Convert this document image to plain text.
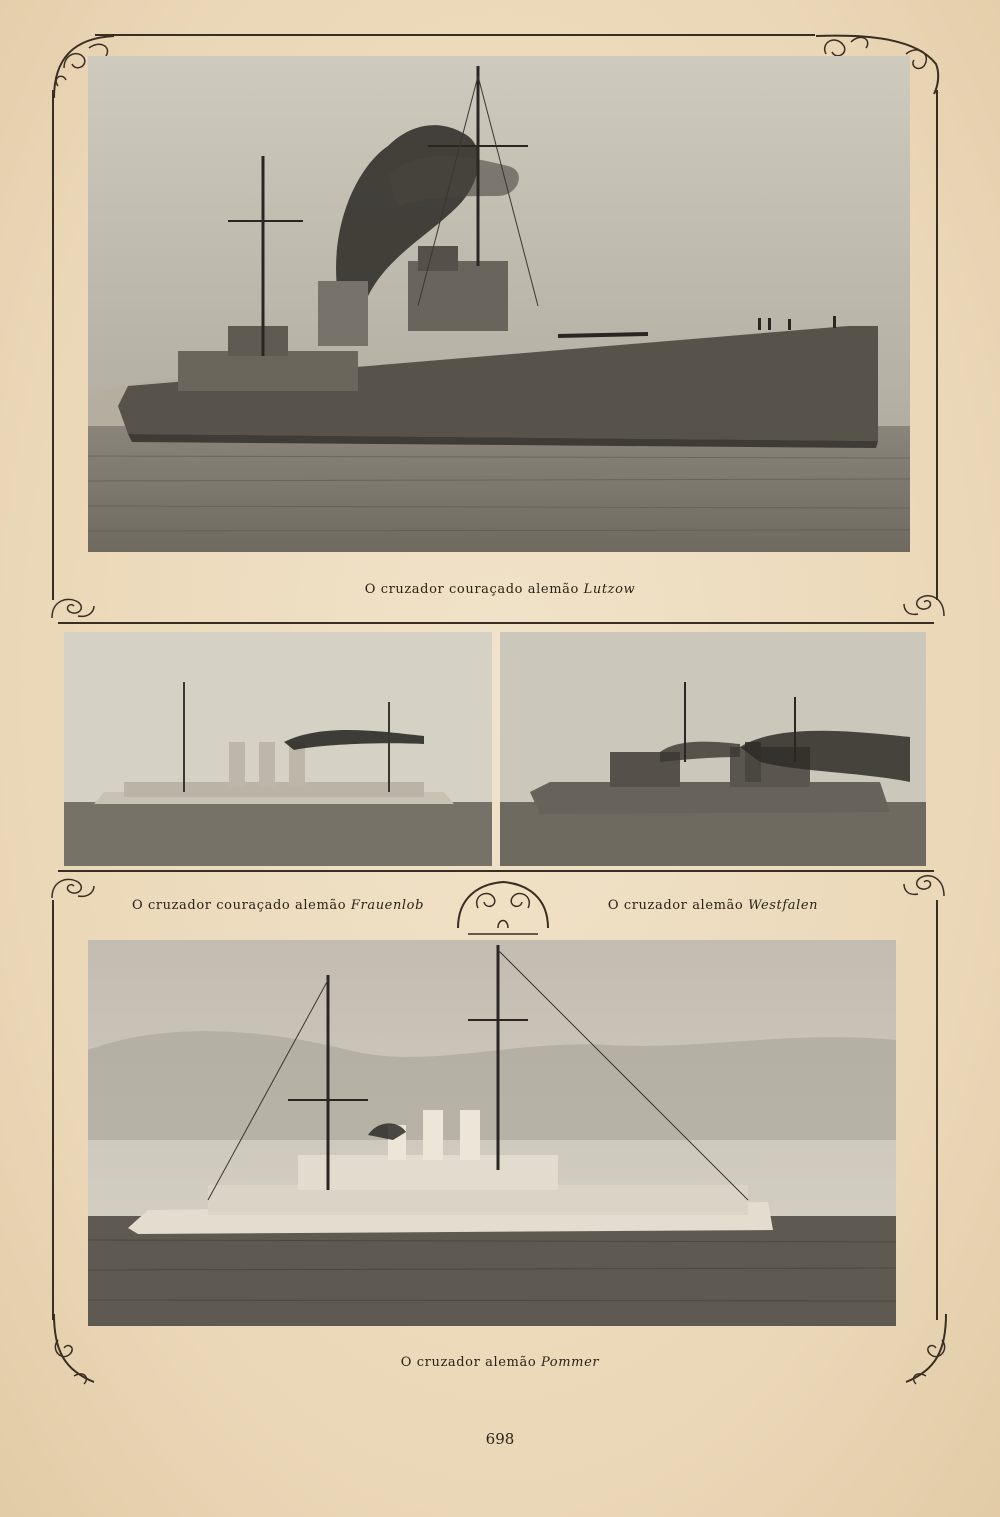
O cruzador couraçado alemão Lutzow
O cruzador couraçado alemão Frauenlob	O cruzador alemão Westfalen
O cruzador alemão Pommer
698
